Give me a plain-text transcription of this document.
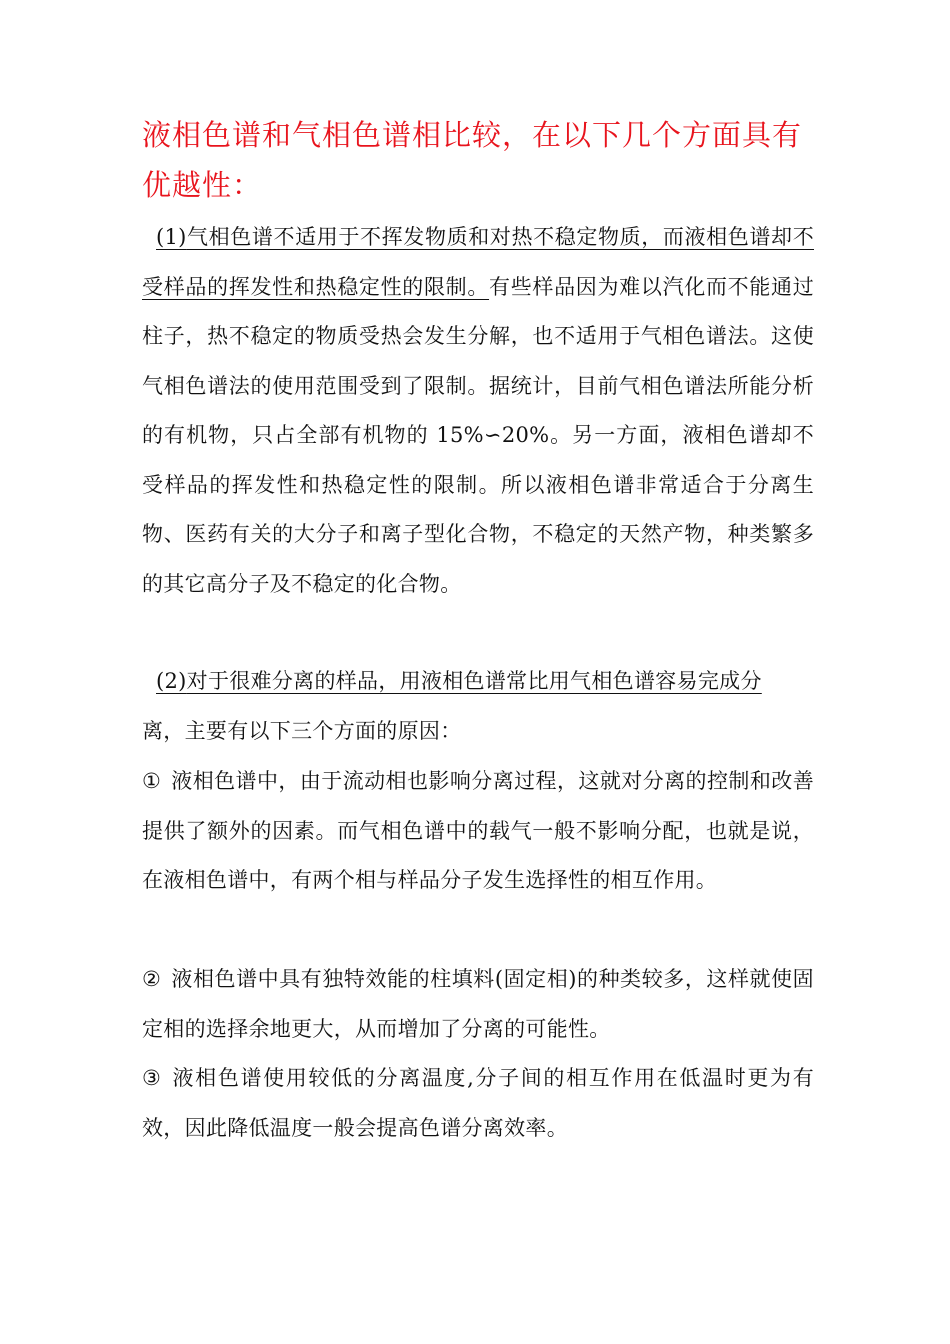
液相色谱和气相色谱相比较，在以下几个方面具有优越性：

(1)气相色谱不适用于不挥发物质和对热不稳定物质，而液相色谱却不受样品的挥发性和热稳定性的限制。有些样品因为难以汽化而不能通过柱子，热不稳定的物质受热会发生分解，也不适用于气相色谱法。这使气相色谱法的使用范围受到了限制。据统计，目前气相色谱法所能分析的有机物，只占全部有机物的 15%∽20%。另一方面，液相色谱却不受样品的挥发性和热稳定性的限制。所以液相色谱非常适合于分离生物、医药有关的大分子和离子型化合物，不稳定的天然产物，种类繁多的其它高分子及不稳定的化合物。

(2)对于很难分离的样品，用液相色谱常比用气相色谱容易完成分
离，主要有以下三个方面的原因：

① 液相色谱中，由于流动相也影响分离过程，这就对分离的控制和改善提供了额外的因素。而气相色谱中的载气一般不影响分配，也就是说，在液相色谱中，有两个相与样品分子发生选择性的相互作用。

② 液相色谱中具有独特效能的柱填料(固定相)的种类较多，这样就使固定相的选择余地更大，从而增加了分离的可能性。

③ 液相色谱使用较低的分离温度,分子间的相互作用在低温时更为有效，因此降低温度一般会提高色谱分离效率。
